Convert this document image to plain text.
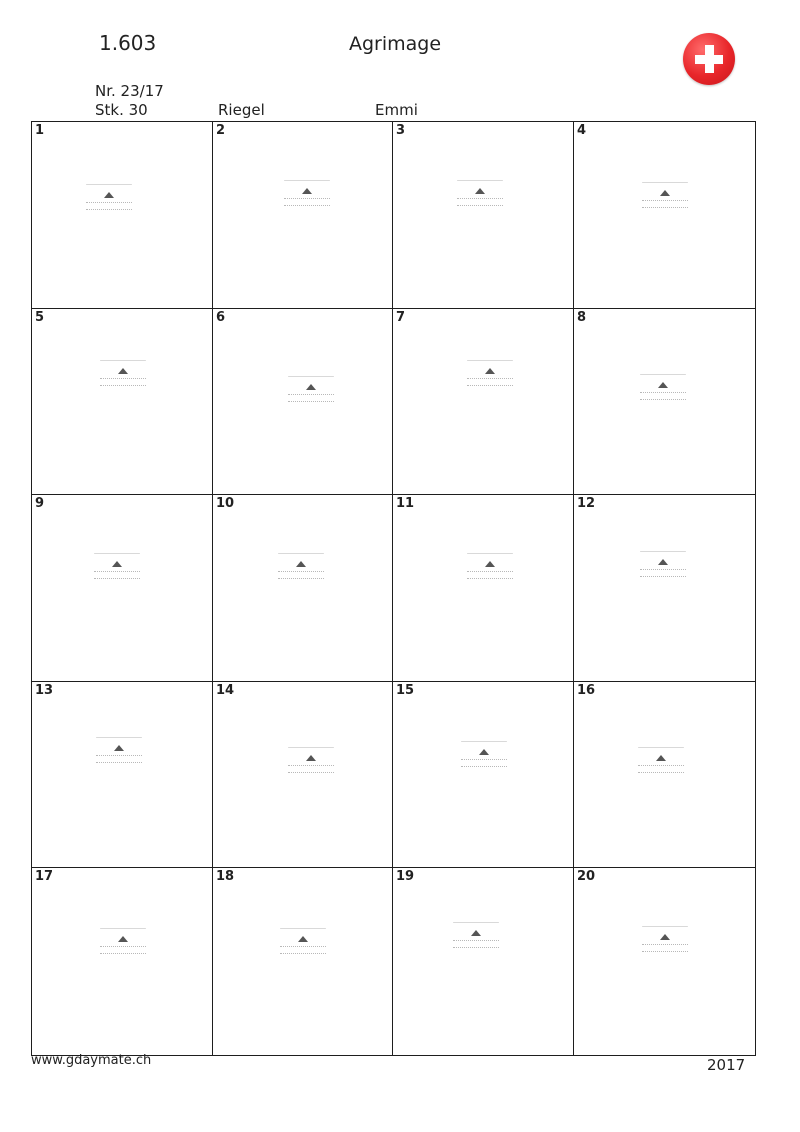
1.603	Agrimage
Nr. 23/17
Stk. 30	Riegel	Emmi
1	2	3	4
5	6	7	8
9	10	11	12
13	14	15	16
17	18	19	20
www.gdaymate.ch	2017
